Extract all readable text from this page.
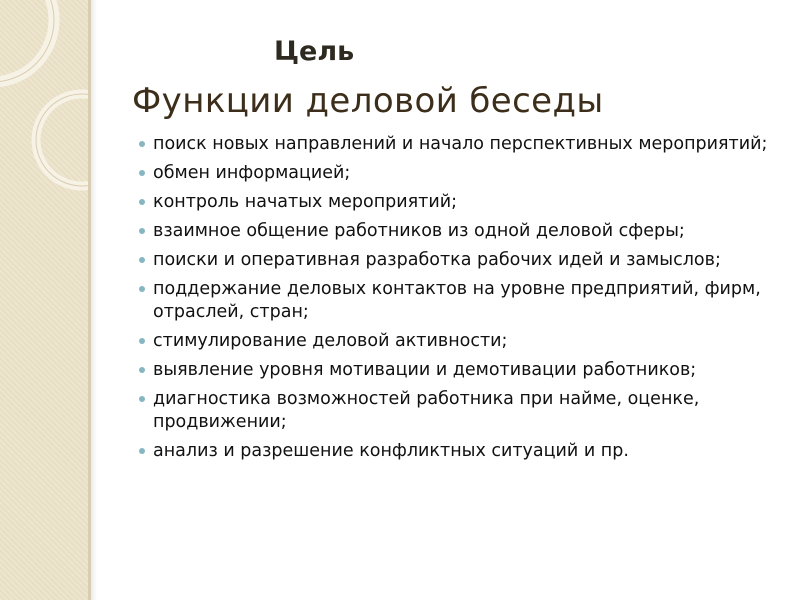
Цель
Функции деловой беседы
поиск новых направлений и начало перспективных мероприятий;
обмен информацией;
контроль начатых мероприятий;
взаимное общение работников из одной деловой сферы;
поиски и оперативная разработка рабочих идей и замыслов;
поддержание деловых контактов на уровне предприятий, фирм, отраслей, стран;
стимулирование деловой активности;
выявление уровня мотивации и демотивации работников;
диагностика возможностей работника при найме, оценке, продвижении;
анализ и разрешение конфликтных ситуаций и пр.
